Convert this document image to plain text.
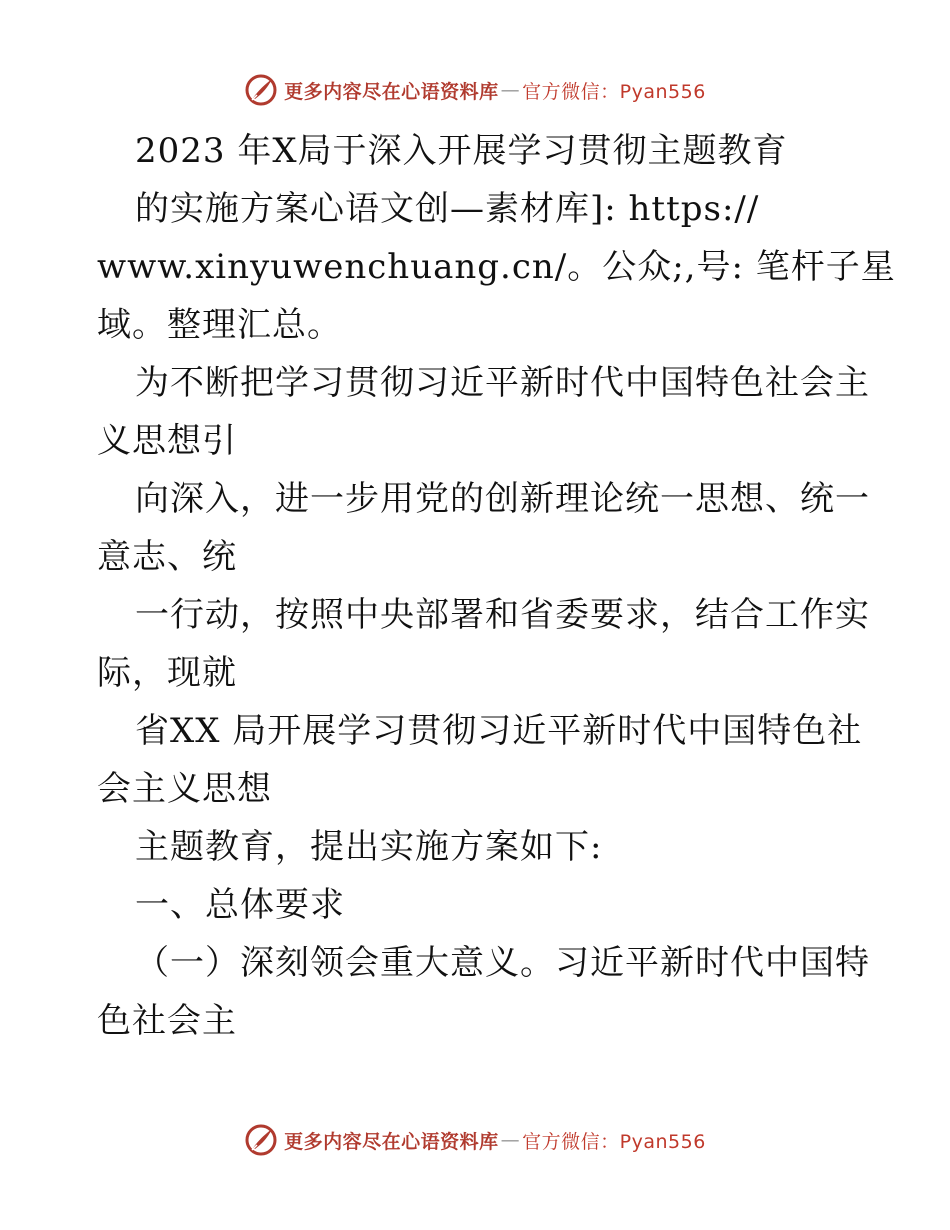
更多内容尽在心语资料库 — 官方微信：Pyan556
2023 年X局于深入开展学习贯彻主题教育
的实施方案心语文创—素材库]: https://
www.xinyuwenchuang.cn/。公众;,号: 笔杆子星
域。整理汇总。
为不断把学习贯彻习近平新时代中国特色社会主
义思想引
向深入，进一步用党的创新理论统一思想、统一
意志、统
一行动，按照中央部署和省委要求，结合工作实
际，现就
省XX 局开展学习贯彻习近平新时代中国特色社
会主义思想
主题教育，提出实施方案如下:
一、总体要求
（一）深刻领会重大意义。习近平新时代中国特
色社会主
更多内容尽在心语资料库 — 官方微信：Pyan556
